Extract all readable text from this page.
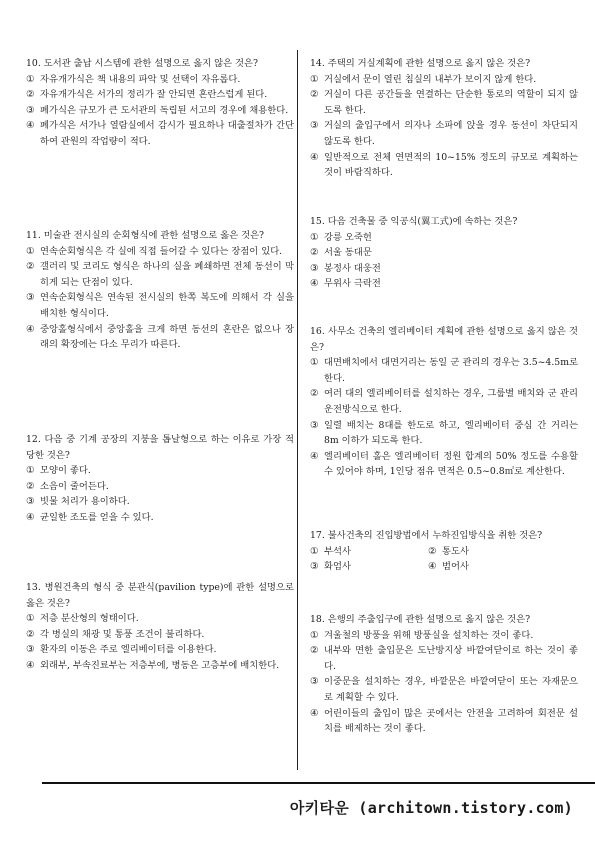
10. 도서관 출납 시스템에 관한 설명으로 옳지 않은 것은?
① 자유개가식은 책 내용의 파악 및 선택이 자유롭다.
② 자유개가식은 서가의 정리가 잘 안되면 혼란스럽게 된다.
③ 폐가식은 규모가 큰 도서관의 독립된 서고의 경우에 채용한다.
④ 폐가식은 서가나 열람실에서 감시가 필요하나 대출절차가 간단하여 관원의 작업량이 적다.
11. 미술관 전시실의 순회형식에 관한 설명으로 옳은 것은?
① 연속순회형식은 각 실에 직접 들어갈 수 있다는 장점이 있다.
② 갤러리 및 코리도 형식은 하나의 실을 폐쇄하면 전체 동선이 막히게 되는 단점이 있다.
③ 연속순회형식은 연속된 전시실의 한쪽 복도에 의해서 각 실을 배치한 형식이다.
④ 중앙홀형식에서 중앙홀을 크게 하면 동선의 혼란은 없으나 장래의 확장에는 다소 무리가 따른다.
12. 다음 중 기계 공장의 지붕을 톱날형으로 하는 이유로 가장 적당한 것은?
① 모양이 좋다.
② 소음이 줄어든다.
③ 빗물 처리가 용이하다.
④ 균일한 조도를 얻을 수 있다.
13. 병원건축의 형식 중 분관식(pavilion type)에 관한 설명으로 옳은 것은?
① 저층 분산형의 형태이다.
② 각 병실의 채광 및 통풍 조건이 불리하다.
③ 환자의 이동은 주로 엘리베이터를 이용한다.
④ 외래부, 부속진료부는 저층부에, 병동은 고층부에 배치한다.
14. 주택의 거실계획에 관한 설명으로 옳지 않은 것은?
① 거실에서 문이 열린 침실의 내부가 보이지 않게 한다.
② 거실이 다른 공간들을 연결하는 단순한 통로의 역할이 되지 않도록 한다.
③ 거실의 출입구에서 의자나 소파에 앉을 경우 동선이 차단되지 않도록 한다.
④ 일반적으로 전체 연면적의 10~15% 정도의 규모로 계획하는 것이 바람직하다.
15. 다음 건축물 중 익공식(翼工式)에 속하는 것은?
① 강릉 오죽헌
② 서울 동대문
③ 봉정사 대웅전
④ 무위사 극락전
16. 사무소 건축의 엘리베이터 계획에 관한 설명으로 옳지 않은 것은?
① 대면배치에서 대면거리는 동일 군 관리의 경우는 3.5~4.5m로 한다.
② 여러 대의 엘리베이터를 설치하는 경우, 그룹별 배치와 군 관리 운전방식으로 한다.
③ 일렬 배치는 8대를 한도로 하고, 엘리베이터 중심 간 거리는 8m 이하가 되도록 한다.
④ 엘리베이터 홀은 엘리베이터 정원 합계의 50% 정도를 수용할 수 있어야 하며, 1인당 점유 면적은 0.5~0.8㎡로 계산한다.
17. 불사건축의 진입방법에서 누하진입방식을 취한 것은?
① 부석사	② 통도사
③ 화엄사	④ 범어사
18. 은행의 주출입구에 관한 설명으로 옳지 않은 것은?
① 겨울철의 방풍을 위해 방풍실을 설치하는 것이 좋다.
② 내부와 면한 출입문은 도난방지상 바깥여닫이로 하는 것이 좋다.
③ 이중문을 설치하는 경우, 바깥문은 바깥여닫이 또는 자재문으로 계획할 수 있다.
④ 어린이들의 출입이 많은 곳에서는 안전을 고려하여 회전문 설치를 배제하는 것이 좋다.
아키타운 (architown.tistory.com)
